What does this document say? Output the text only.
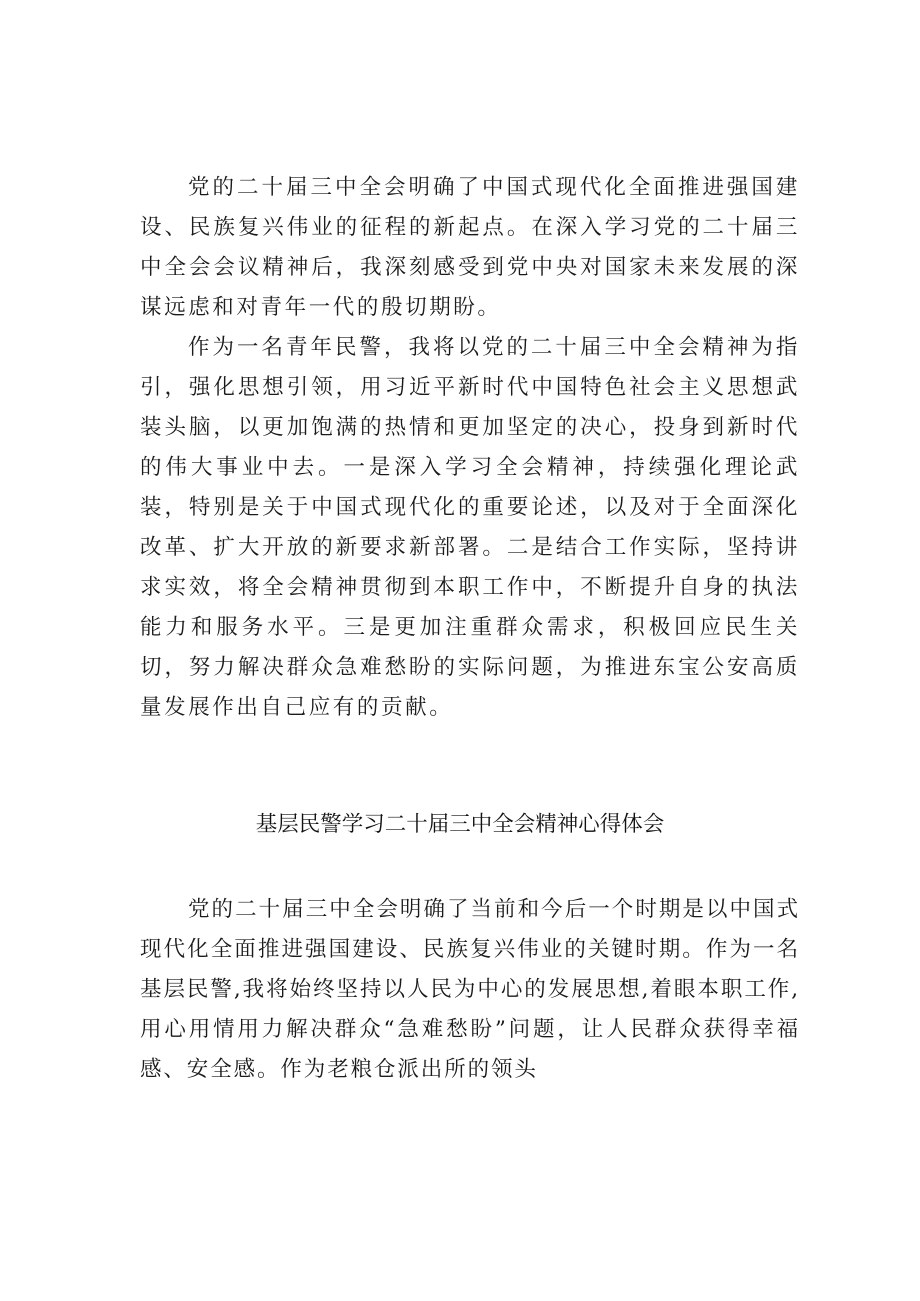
党的二十届三中全会明确了中国式现代化全面推进强国建设、民族复兴伟业的征程的新起点。在深入学习党的二十届三中全会会议精神后，我深刻感受到党中央对国家未来发展的深谋远虑和对青年一代的殷切期盼。

作为一名青年民警，我将以党的二十届三中全会精神为指引，强化思想引领，用习近平新时代中国特色社会主义思想武装头脑，以更加饱满的热情和更加坚定的决心，投身到新时代的伟大事业中去。一是深入学习全会精神，持续强化理论武装，特别是关于中国式现代化的重要论述，以及对于全面深化改革、扩大开放的新要求新部署。二是结合工作实际，坚持讲求实效，将全会精神贯彻到本职工作中，不断提升自身的执法能力和服务水平。三是更加注重群众需求，积极回应民生关切，努力解决群众急难愁盼的实际问题，为推进东宝公安高质量发展作出自己应有的贡献。

基层民警学习二十届三中全会精神心得体会

党的二十届三中全会明确了当前和今后一个时期是以中国式现代化全面推进强国建设、民族复兴伟业的关键时期。作为一名基层民警,我将始终坚持以人民为中心的发展思想,着眼本职工作,用心用情用力解决群众“急难愁盼”问题，让人民群众获得幸福感、安全感。作为老粮仓派出所的领头
